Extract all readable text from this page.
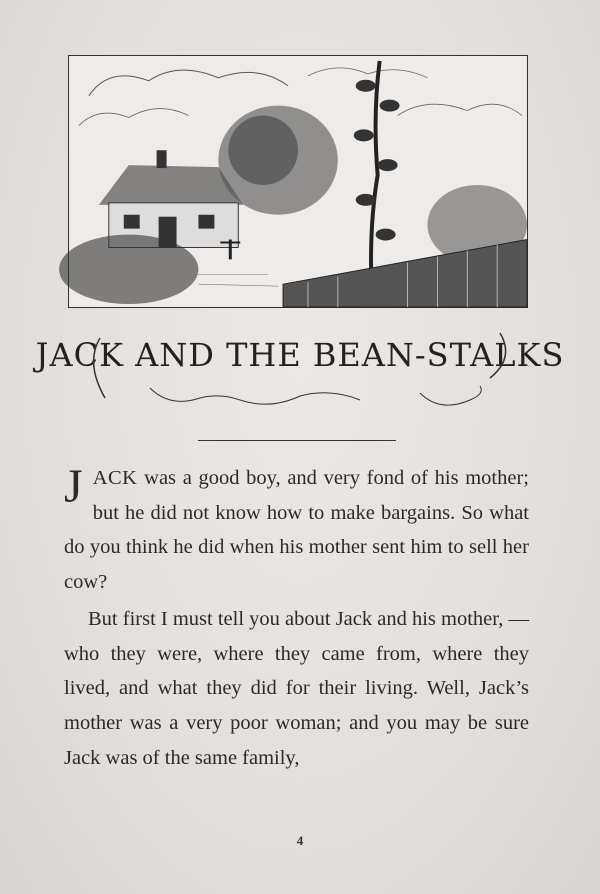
JACK AND THE BEAN-STALKS

JACK was a good boy, and very fond of his mother; but he did not know how to make bargains. So what do you think he did when his mother sent him to sell her cow?

But first I must tell you about Jack and his mother, — who they were, where they came from, where they lived, and what they did for their living. Well, Jack’s mother was a very poor woman; and you may be sure Jack was of the same family,

4
